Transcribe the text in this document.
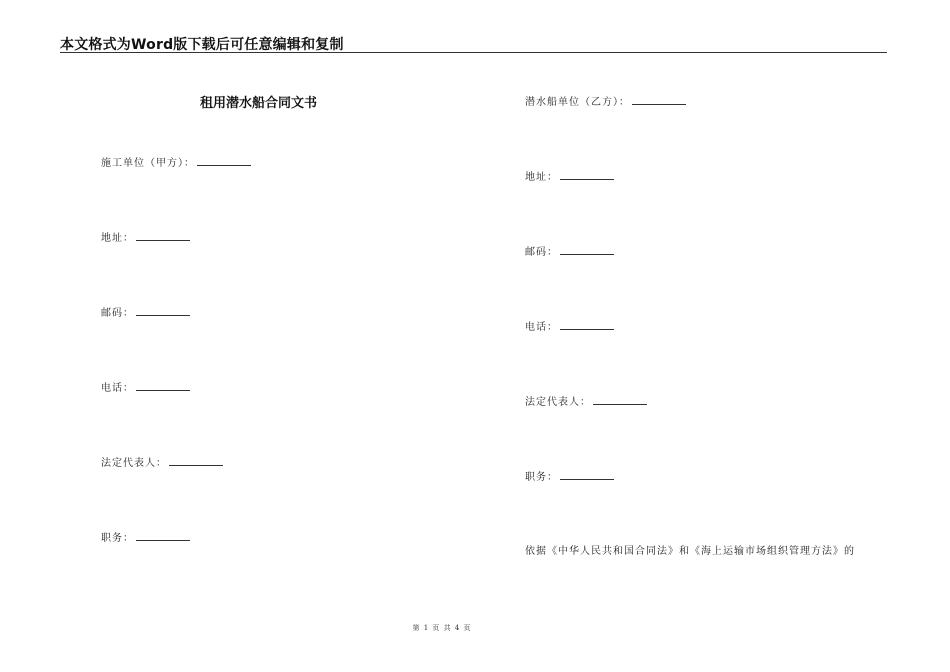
本文格式为Word版下载后可任意编辑和复制
租用潜水船合同文书
施工单位（甲方）：
地址：
邮码：
电话：
法定代表人：
职务：
潜水船单位（乙方）：
地址：
邮码：
电话：
法定代表人：
职务：
依据《中华人民共和国合同法》和《海上运输市场组织管理方法》的
第 1 页 共 4 页
